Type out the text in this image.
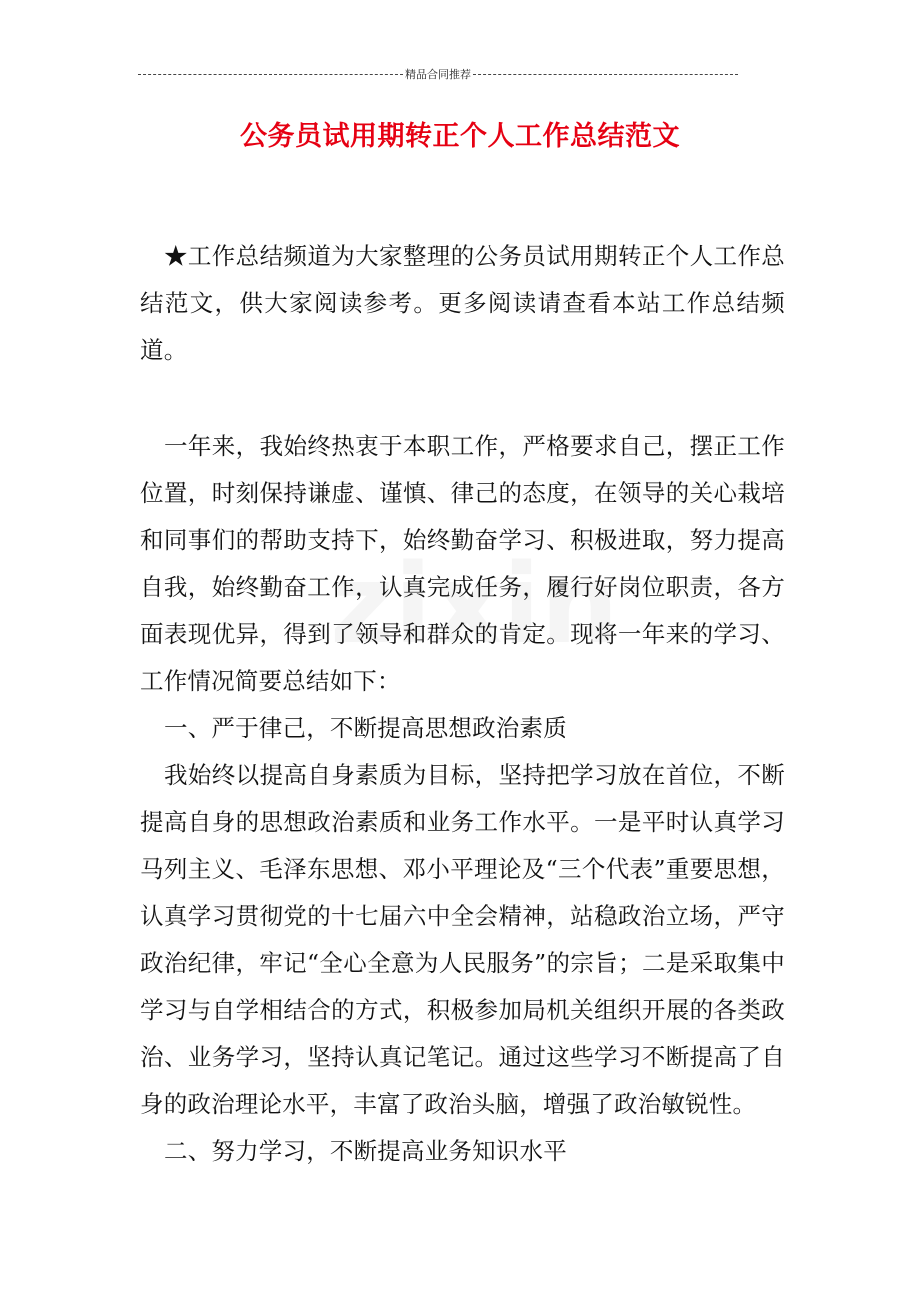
精品合同推荐
公务员试用期转正个人工作总结范文

★工作总结频道为大家整理的公务员试用期转正个人工作总结范文，供大家阅读参考。更多阅读请查看本站工作总结频道。

一年来，我始终热衷于本职工作，严格要求自己，摆正工作位置，时刻保持谦虚、谨慎、律己的态度，在领导的关心栽培和同事们的帮助支持下，始终勤奋学习、积极进取，努力提高自我，始终勤奋工作，认真完成任务，履行好岗位职责，各方面表现优异，得到了领导和群众的肯定。现将一年来的学习、工作情况简要总结如下：

一、严于律己，不断提高思想政治素质

我始终以提高自身素质为目标，坚持把学习放在首位，不断提高自身的思想政治素质和业务工作水平。一是平时认真学习马列主义、毛泽东思想、邓小平理论及“三个代表”重要思想，认真学习贯彻党的十七届六中全会精神，站稳政治立场，严守政治纪律，牢记“全心全意为人民服务”的宗旨；二是采取集中学习与自学相结合的方式，积极参加局机关组织开展的各类政治、业务学习，坚持认真记笔记。通过这些学习不断提高了自身的政治理论水平，丰富了政治头脑，增强了政治敏锐性。

二、努力学习，不断提高业务知识水平
